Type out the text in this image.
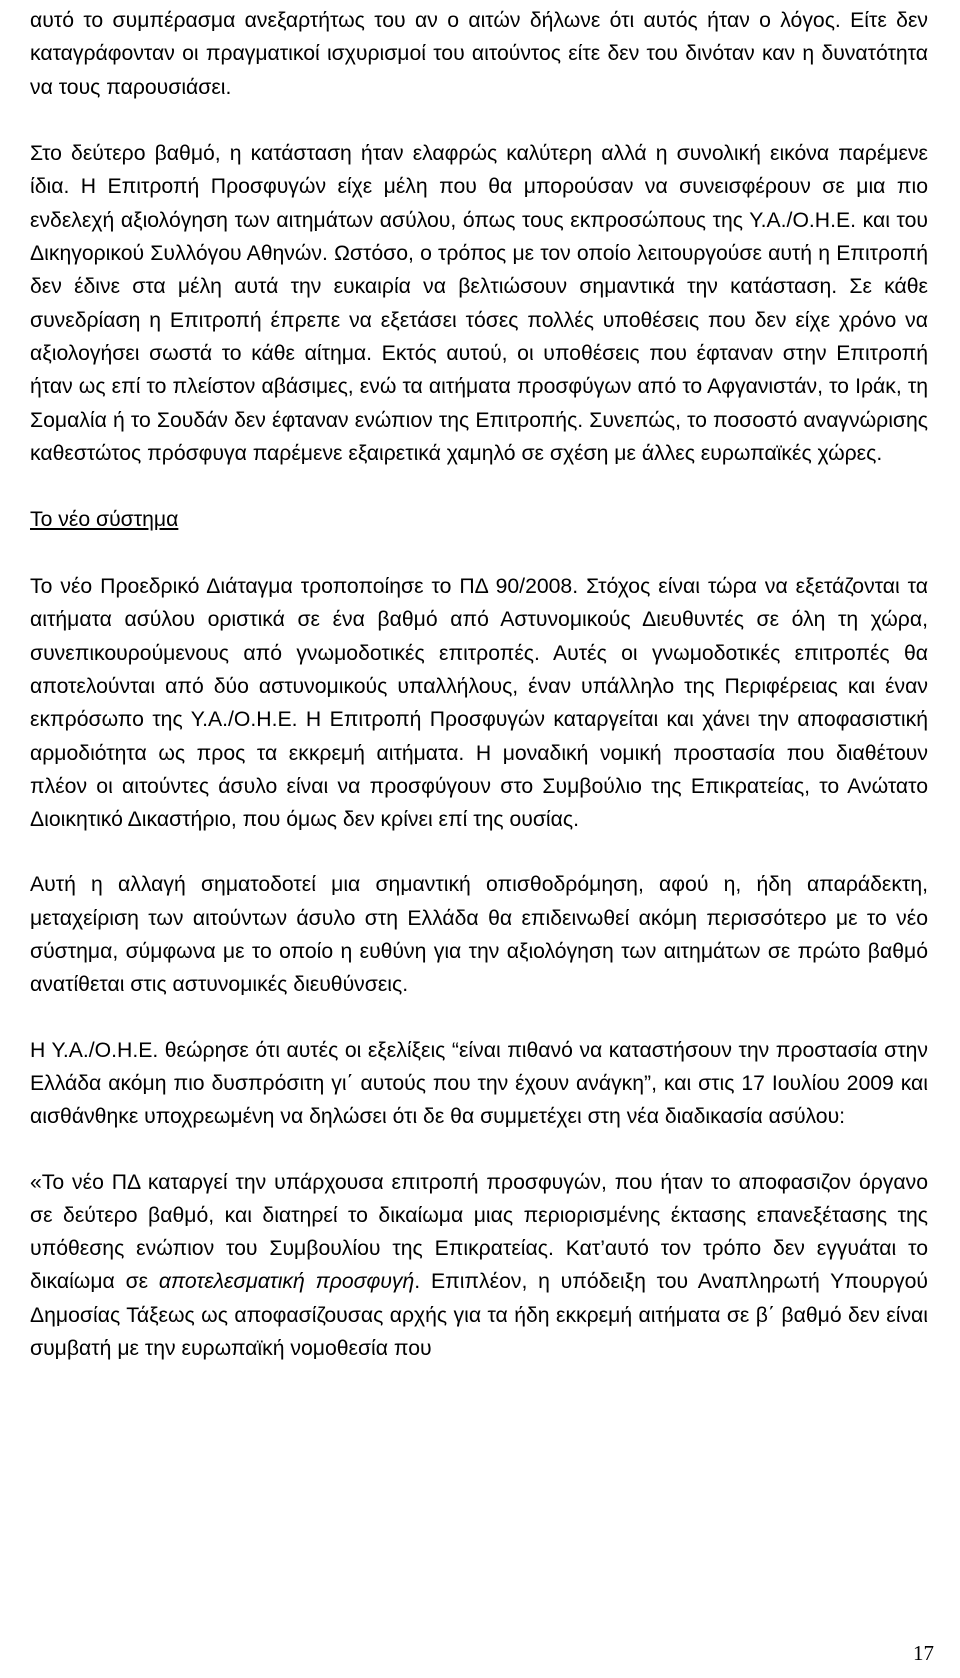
αυτό το συμπέρασμα ανεξαρτήτως του αν ο αιτών δήλωνε ότι αυτός ήταν ο λόγος. Είτε δεν καταγράφονταν οι πραγματικοί ισχυρισμοί του αιτούντος είτε δεν του δινόταν καν η δυνατότητα να τους παρουσιάσει.

Στο δεύτερο βαθμό, η κατάσταση ήταν ελαφρώς καλύτερη αλλά η συνολική εικόνα παρέμενε ίδια. Η Επιτροπή Προσφυγών είχε μέλη που θα μπορούσαν να συνεισφέρουν σε μια πιο ενδελεχή αξιολόγηση των αιτημάτων ασύλου, όπως τους εκπροσώπους της Υ.Α./Ο.Η.Ε. και του Δικηγορικού Συλλόγου Αθηνών. Ωστόσο, ο τρόπος με τον οποίο λειτουργούσε αυτή η Επιτροπή δεν έδινε στα μέλη αυτά την ευκαιρία να βελτιώσουν σημαντικά την κατάσταση. Σε κάθε συνεδρίαση η Επιτροπή έπρεπε να εξετάσει τόσες πολλές υποθέσεις που δεν είχε χρόνο να αξιολογήσει σωστά το κάθε αίτημα. Εκτός αυτού, οι υποθέσεις που έφταναν στην Επιτροπή ήταν ως επί το πλείστον αβάσιμες, ενώ τα αιτήματα προσφύγων από το Αφγανιστάν, το Ιράκ, τη Σομαλία ή το Σουδάν δεν έφταναν ενώπιον της Επιτροπής. Συνεπώς, το ποσοστό αναγνώρισης καθεστώτος πρόσφυγα παρέμενε εξαιρετικά χαμηλό σε σχέση με άλλες ευρωπαϊκές χώρες.

Το νέο σύστημα

Το νέο Προεδρικό Διάταγμα τροποποίησε το ΠΔ 90/2008. Στόχος είναι τώρα να εξετάζονται τα αιτήματα ασύλου οριστικά σε ένα βαθμό από Αστυνομικούς Διευθυντές σε όλη τη χώρα, συνεπικουρούμενους από γνωμοδοτικές επιτροπές. Αυτές οι γνωμοδοτικές επιτροπές θα αποτελούνται από δύο αστυνομικούς υπαλλήλους, έναν υπάλληλο της Περιφέρειας και έναν εκπρόσωπο της Υ.Α./Ο.Η.Ε. Η Επιτροπή Προσφυγών καταργείται και χάνει την αποφασιστική αρμοδιότητα ως προς τα εκκρεμή αιτήματα. Η μοναδική νομική προστασία που διαθέτουν πλέον οι αιτούντες άσυλο είναι να προσφύγουν στο Συμβούλιο της Επικρατείας, το Ανώτατο Διοικητικό Δικαστήριο, που όμως δεν κρίνει επί της ουσίας.

Αυτή η αλλαγή σηματοδοτεί μια σημαντική οπισθοδρόμηση, αφού η, ήδη απαράδεκτη, μεταχείριση των αιτούντων άσυλο στη Ελλάδα θα επιδεινωθεί ακόμη περισσότερο με το νέο σύστημα, σύμφωνα με το οποίο η ευθύνη για την αξιολόγηση των αιτημάτων σε πρώτο βαθμό ανατίθεται στις αστυνομικές διευθύνσεις.

Η Υ.Α./Ο.Η.Ε. θεώρησε ότι αυτές οι εξελίξεις “είναι πιθανό να καταστήσουν την προστασία στην Ελλάδα ακόμη πιο δυσπρόσιτη γι΄ αυτούς που την έχουν ανάγκη”, και στις 17 Ιουλίου 2009 και αισθάνθηκε υποχρεωμένη να δηλώσει ότι δε θα συμμετέχει στη νέα διαδικασία ασύλου:

«Το νέο ΠΔ καταργεί την υπάρχουσα επιτροπή προσφυγών, που ήταν το αποφασιζον όργανο σε δεύτερο βαθμό, και διατηρεί το δικαίωμα μιας περιορισμένης έκτασης επανεξέτασης της υπόθεσης ενώπιον του Συμβουλίου της Επικρατείας. Κατ’αυτό τον τρόπο δεν εγγυάται το δικαίωμα σε αποτελεσματική προσφυγή. Επιπλέον, η υπόδειξη του Αναπληρωτή Υπουργού Δημοσίας Τάξεως ως αποφασίζουσας αρχής για τα ήδη εκκρεμή αιτήματα σε β΄ βαθμό δεν είναι συμβατή με την ευρωπαϊκή νομοθεσία που

17
